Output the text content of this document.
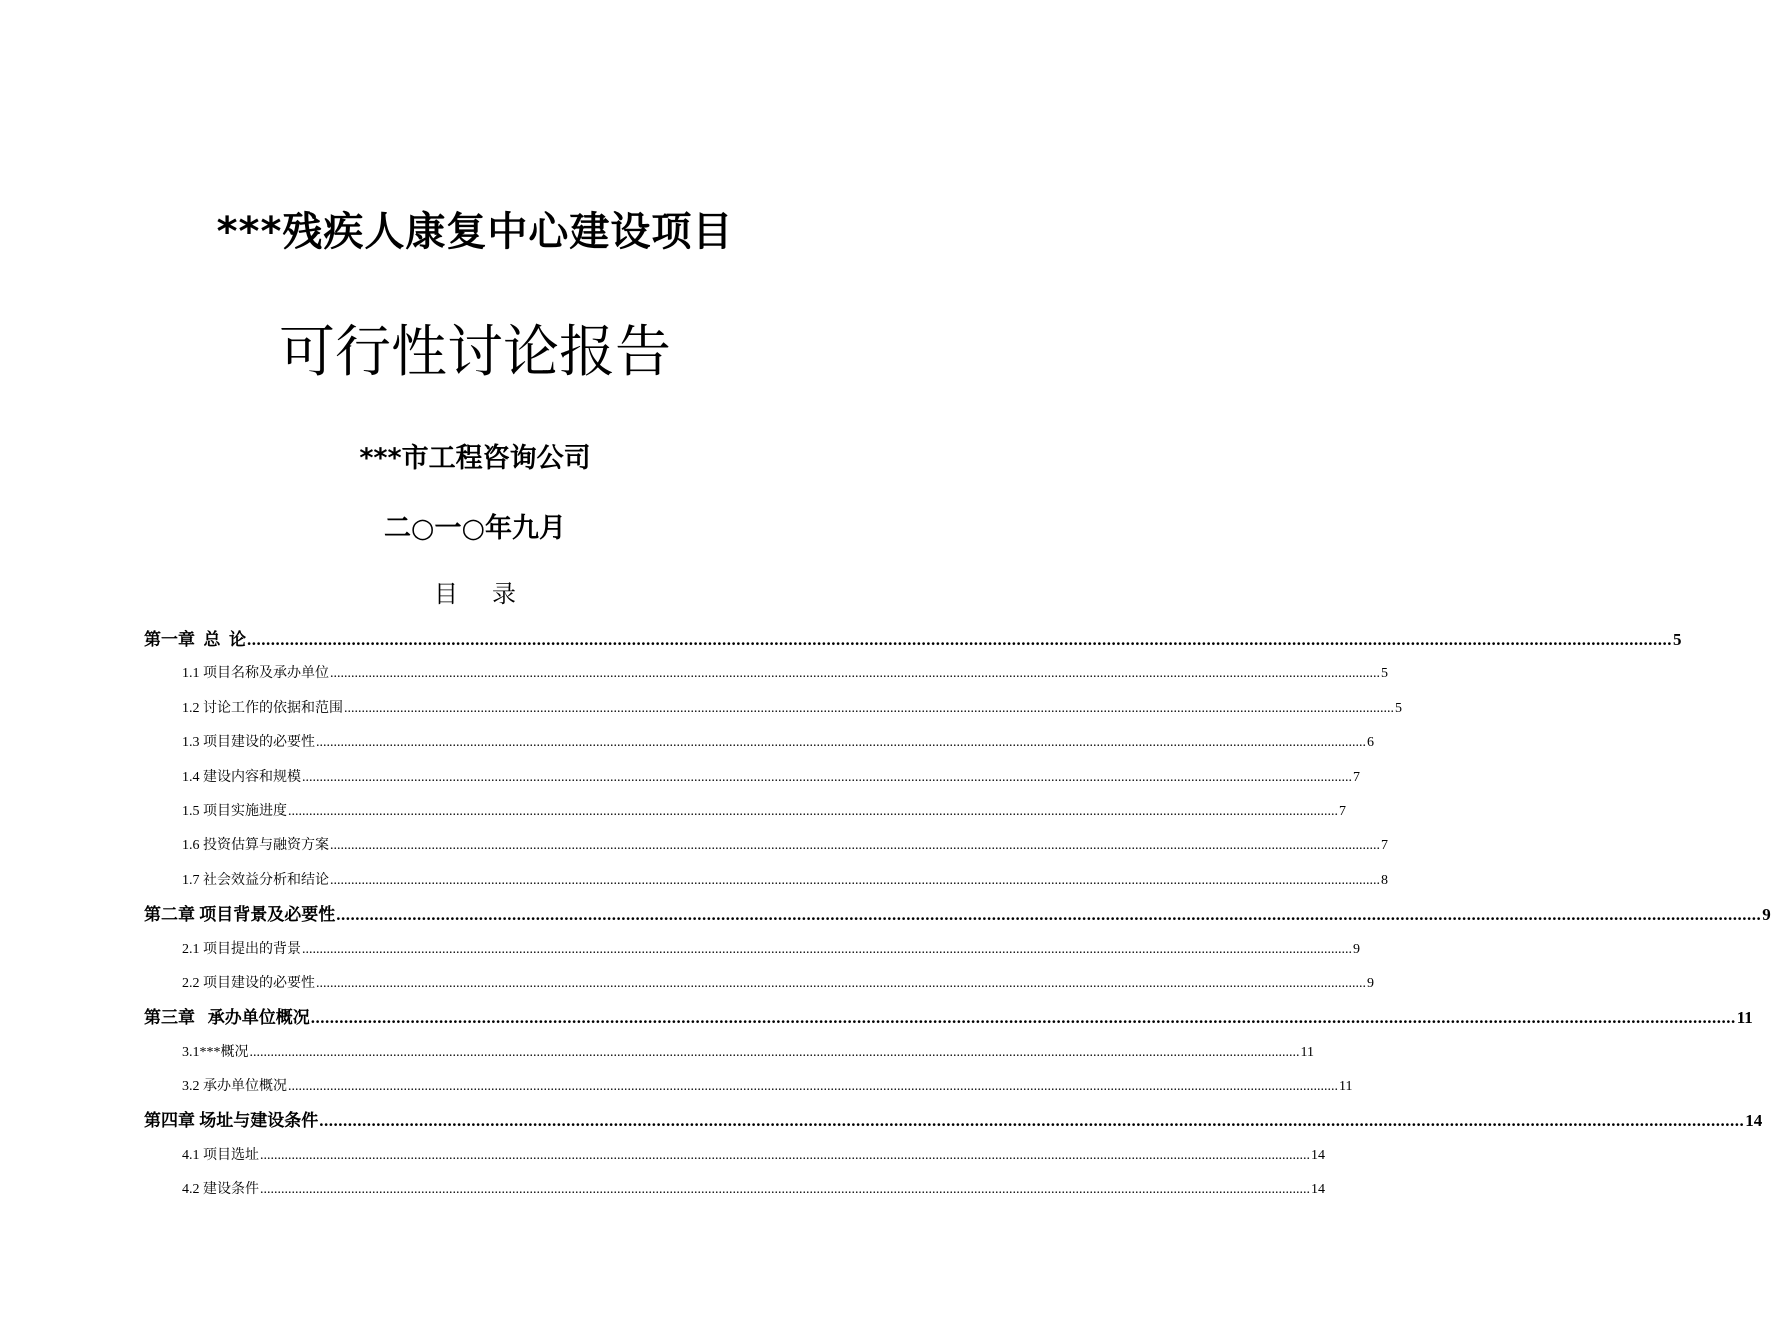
***残疾人康复中心建设项目
可行性讨论报告
***市工程咨询公司
二○一○年九月
目录
第一章  总  论 ............................................................................................................................................................................................................................................................................................................ 5
1.1 项目名称及承办单位 ............................................................................................................................................................................................................................................................................................................ 5
1.2 讨论工作的依据和范围 ............................................................................................................................................................................................................................................................................................................ 5
1.3 项目建设的必要性 ............................................................................................................................................................................................................................................................................................................ 6
1.4 建设内容和规模 ............................................................................................................................................................................................................................................................................................................ 7
1.5 项目实施进度 ............................................................................................................................................................................................................................................................................................................ 7
1.6 投资估算与融资方案 ............................................................................................................................................................................................................................................................................................................ 7
1.7 社会效益分析和结论 ............................................................................................................................................................................................................................................................................................................ 8
第二章 项目背景及必要性 ............................................................................................................................................................................................................................................................................................................ 9
2.1 项目提出的背景 ............................................................................................................................................................................................................................................................................................................ 9
2.2 项目建设的必要性 ............................................................................................................................................................................................................................................................................................................ 9
第三章   承办单位概况 ............................................................................................................................................................................................................................................................................................................ 11
3.1***概况 ............................................................................................................................................................................................................................................................................................................ 11
3.2 承办单位概况 ............................................................................................................................................................................................................................................................................................................ 11
第四章 场址与建设条件 ............................................................................................................................................................................................................................................................................................................ 14
4.1 项目选址 ............................................................................................................................................................................................................................................................................................................ 14
4.2 建设条件 ............................................................................................................................................................................................................................................................................................................ 14
